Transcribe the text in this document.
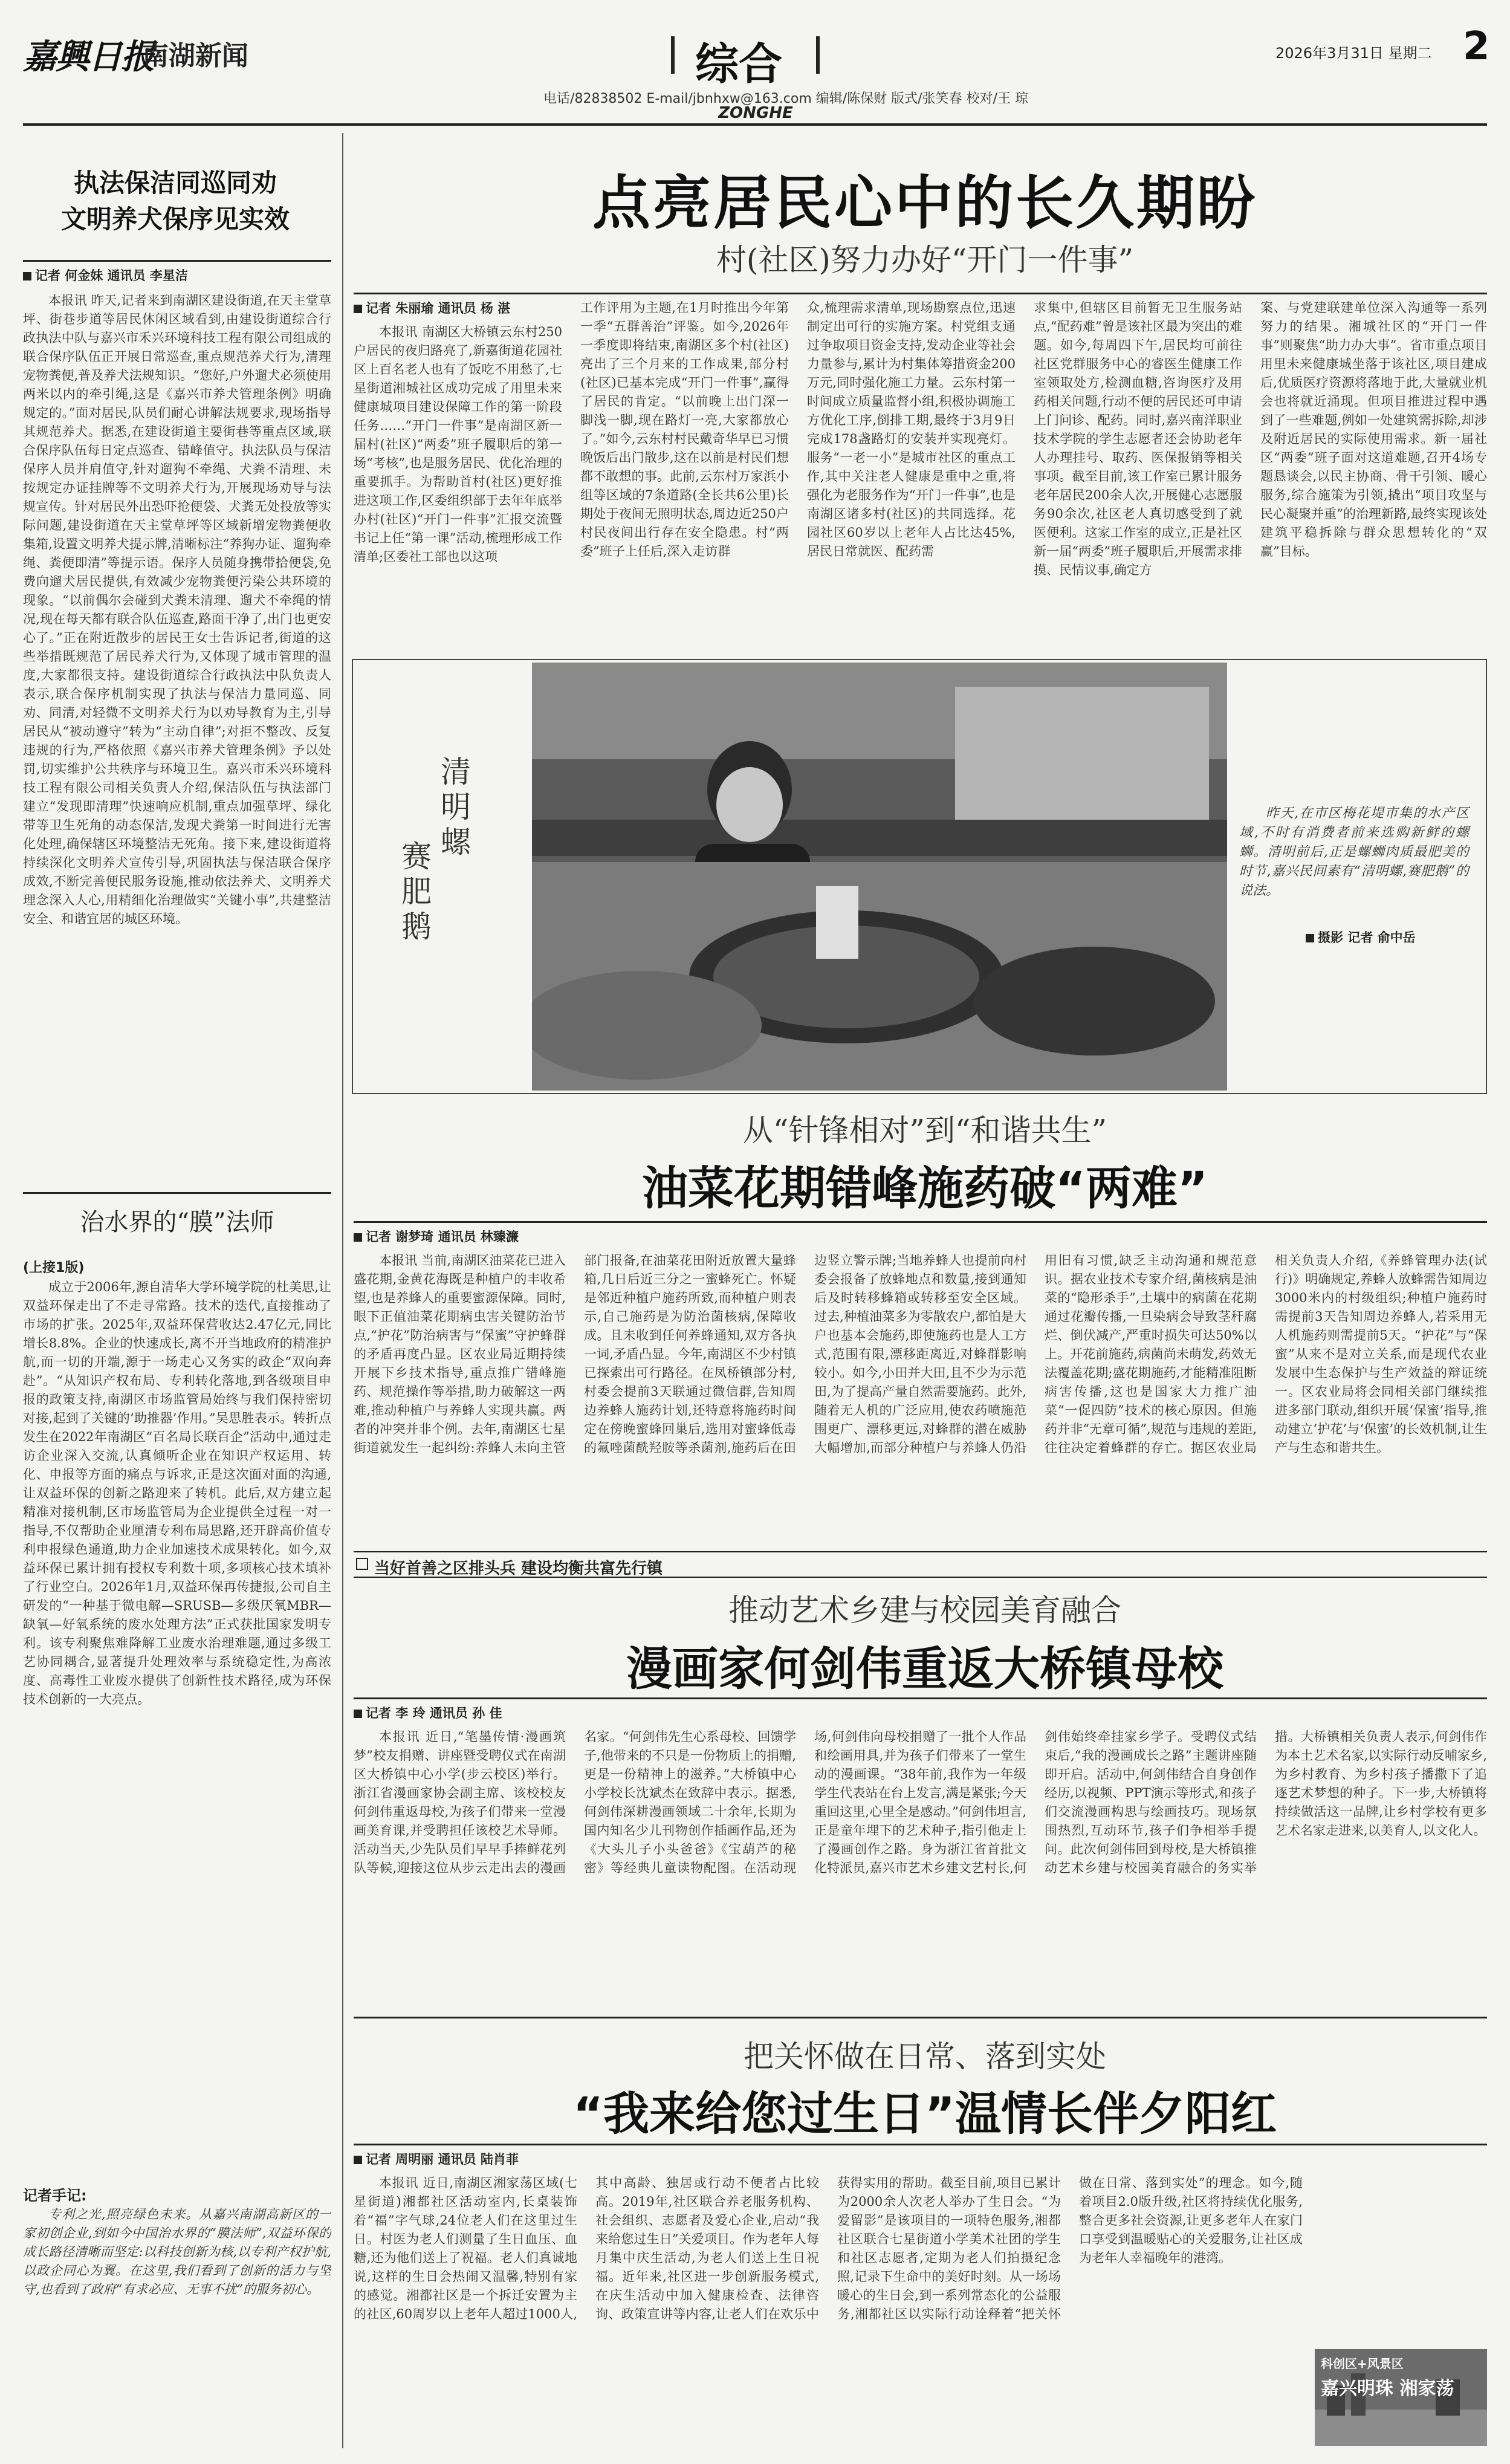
嘉興日报
南湖新闻	综合	2026年3月31日 星期二 2
电话/82838502 E-mail/jbnhxw@163.com 编辑/陈保财 版式/张笑春 校对/王 琼
ZONGHE
执法保洁同巡同劝
文明养犬保序见实效
记者 何金妹 通讯员 李星洁
本报讯 昨天,记者来到南湖区建设街道,在天主堂草坪、街巷步道等居民休闲区域看到,由建设街道综合行政执法中队与嘉兴市禾兴环境科技工程有限公司组成的联合保序队伍正开展日常巡查,重点规范养犬行为,清理宠物粪便,普及养犬法规知识。“您好,户外遛犬必须使用两米以内的牵引绳,这是《嘉兴市养犬管理条例》明确规定的。”面对居民,队员们耐心讲解法规要求,现场指导其规范养犬。据悉,在建设街道主要街巷等重点区域,联合保序队伍每日定点巡查、错峰值守。执法队员与保洁保序人员并肩值守,针对遛狗不牵绳、犬粪不清理、未按规定办证挂牌等不文明养犬行为,开展现场劝导与法规宣传。针对居民外出恐吓抢便袋、犬粪无处投放等实际问题,建设街道在天主堂草坪等区域新增宠物粪便收集箱,设置文明养犬提示牌,清晰标注“养狗办证、遛狗牵绳、粪便即清”等提示语。保序人员随身携带拾便袋,免费向遛犬居民提供,有效减少宠物粪便污染公共环境的现象。“以前偶尔会碰到犬粪未清理、遛犬不牵绳的情况,现在每天都有联合队伍巡查,路面干净了,出门也更安心了。”正在附近散步的居民王女士告诉记者,街道的这些举措既规范了居民养犬行为,又体现了城市管理的温度,大家都很支持。建设街道综合行政执法中队负责人表示,联合保序机制实现了执法与保洁力量同巡、同劝、同清,对轻微不文明养犬行为以劝导教育为主,引导居民从“被动遵守”转为“主动自律”;对拒不整改、反复违规的行为,严格依照《嘉兴市养犬管理条例》予以处罚,切实维护公共秩序与环境卫生。嘉兴市禾兴环境科技工程有限公司相关负责人介绍,保洁队伍与执法部门建立“发现即清理”快速响应机制,重点加强草坪、绿化带等卫生死角的动态保洁,发现犬粪第一时间进行无害化处理,确保辖区环境整洁无死角。接下来,建设街道将持续深化文明养犬宣传引导,巩固执法与保洁联合保序成效,不断完善便民服务设施,推动依法养犬、文明养犬理念深入人心,用精细化治理做实“关键小事”,共建整洁安全、和谐宜居的城区环境。
治水界的“膜”法师
(上接1版)
成立于2006年,源自清华大学环境学院的杜美思,让双益环保走出了不走寻常路。技术的迭代,直接推动了市场的扩张。2025年,双益环保营收达2.47亿元,同比增长8.8%。企业的快速成长,离不开当地政府的精准护航,而一切的开端,源于一场走心又务实的政企“双向奔赴”。“从知识产权布局、专利转化落地,到各级项目申报的政策支持,南湖区市场监管局始终与我们保持密切对接,起到了关键的‘助推器’作用。”吴思胜表示。转折点发生在2022年南湖区“百名局长联百企”活动中,通过走访企业深入交流,认真倾听企业在知识产权运用、转化、申报等方面的痛点与诉求,正是这次面对面的沟通,让双益环保的创新之路迎来了转机。此后,双方建立起精准对接机制,区市场监管局为企业提供全过程一对一指导,不仅帮助企业厘清专利布局思路,还开辟高价值专利申报绿色通道,助力企业加速技术成果转化。如今,双益环保已累计拥有授权专利数十项,多项核心技术填补了行业空白。2026年1月,双益环保再传捷报,公司自主研发的“一种基于微电解—SRUSB—多级厌氧MBR—缺氧—好氧系统的废水处理方法”正式获批国家发明专利。该专利聚焦难降解工业废水治理难题,通过多级工艺协同耦合,显著提升处理效率与系统稳定性,为高浓度、高毒性工业废水提供了创新性技术路径,成为环保技术创新的一大亮点。
记者手记:
专利之光,照亮绿色未来。从嘉兴南湖高新区的一家初创企业,到如今中国治水界的“膜法师”,双益环保的成长路径清晰而坚定:以科技创新为核,以专利产权护航,以政企同心为翼。在这里,我们看到了创新的活力与坚守,也看到了政府“有求必应、无事不扰”的服务初心。
点亮居民心中的长久期盼
村(社区)努力办好“开门一件事”
记者 朱丽瑜 通讯员 杨 湛
本报讯 南湖区大桥镇云东村250户居民的夜归路亮了,新嘉街道花园社区上百名老人也有了饭吃不用愁了,七星街道湘城社区成功完成了用里未来健康城项目建设保障工作的第一阶段任务……“开门一件事”是南湖区新一届村(社区)“两委”班子履职后的第一场“考核”,也是服务居民、优化治理的重要抓手。为帮助首村(社区)更好推进这项工作,区委组织部于去年年底举办村(社区)“开门一件事”汇报交流暨书记上任“第一课”活动,梳理形成工作清单;区委社工部也以这项
工作评用为主题,在1月时推出今年第一季“五群善治”评鉴。如今,2026年一季度即将结束,南湖区多个村(社区)亮出了三个月来的工作成果,部分村(社区)已基本完成“开门一件事”,赢得了居民的肯定。“以前晚上出门深一脚浅一脚,现在路灯一亮,大家都放心了。”如今,云东村村民戴奇华早已习惯晚饭后出门散步,这在以前是村民们想都不敢想的事。此前,云东村万家浜小组等区域的7条道路(全长共6公里)长期处于夜间无照明状态,周边近250户村民夜间出行存在安全隐患。村“两委”班子上任后,深入走访群
众,梳理需求清单,现场勘察点位,迅速制定出可行的实施方案。村党组支通过争取项目资金支持,发动企业等社会力量参与,累计为村集体筹措资金200万元,同时强化施工力量。云东村第一时间成立质量监督小组,积极协调施工方优化工序,倒排工期,最终于3月9日完成178盏路灯的安装并实现亮灯。服务“一老一小”是城市社区的重点工作,其中关注老人健康是重中之重,将强化为老服务作为“开门一件事”,也是南湖区诸多村(社区)的共同选择。花园社区60岁以上老年人占比达45%,居民日常就医、配药需
求集中,但辖区目前暂无卫生服务站点,“配药难”曾是该社区最为突出的难题。如今,每周四下午,居民均可前往社区党群服务中心的睿医生健康工作室领取处方,检测血糖,咨询医疗及用药相关问题,行动不便的居民还可申请上门问诊、配药。同时,嘉兴南洋职业技术学院的学生志愿者还会协助老年人办理挂号、取药、医保报销等相关事项。截至目前,该工作室已累计服务老年居民200余人次,开展健心志愿服务90余次,社区老人真切感受到了就医便利。这家工作室的成立,正是社区新一届“两委”班子履职后,开展需求排摸、民情议事,确定方
案、与党建联建单位深入沟通等一系列努力的结果。湘城社区的“开门一件事”则聚焦“助力办大事”。省市重点项目用里未来健康城坐落于该社区,项目建成后,优质医疗资源将落地于此,大量就业机会也将就近涌现。但项目推进过程中遇到了一些难题,例如一处建筑需拆除,却涉及附近居民的实际使用需求。新一届社区“两委”班子面对这道难题,召开4场专题恳谈会,以民主协商、骨干引领、暖心服务,综合施策为引领,撬出“项目攻坚与民心凝聚并重”的治理新路,最终实现该处建筑平稳拆除与群众思想转化的“双赢”目标。
清明螺
赛肥鹅
昨天,在市区梅花堤市集的水产区域,不时有消费者前来选购新鲜的螺蛳。清明前后,正是螺蛳肉质最肥美的时节,嘉兴民间素有“清明螺,赛肥鹅”的说法。
摄影 记者 俞中岳
从“针锋相对”到“和谐共生”
油菜花期错峰施药破“两难”
记者 谢梦琦 通讯员 林臻濂
本报讯 当前,南湖区油菜花已进入盛花期,金黄花海既是种植户的丰收希望,也是养蜂人的重要蜜源保障。同时,眼下正值油菜花期病虫害关键防治节点,“护花”防治病害与“保蜜”守护蜂群的矛盾再度凸显。区农业局近期持续开展下乡技术指导,重点推广错峰施药、规范操作等举措,助力破解这一两难,推动种植户与养蜂人实现共赢。两者的冲突并非个例。去年,南湖区七星街道就发生一起纠纷:养蜂人未向主管部门报备,在油菜花田附近放置大量蜂箱,几日后近三分之一蜜蜂死亡。怀疑是邻近种植户施药所致,而种植户则表示,自己施药是为防治菌核病,保障收成。且未收到任何养蜂通知,双方各执一词,矛盾凸显。今年,南湖区不少村镇已探索出可行路径。在凤桥镇部分村,村委会提前3天联通过微信群,告知周边养蜂人施药计划,还特意将施药时间定在傍晚蜜蜂回巢后,选用对蜜蜂低毒的氟唑菌酰羟胺等杀菌剂,施药后在田边竖立警示牌;当地养蜂人也提前向村委会报备了放蜂地点和数量,接到通知后及时转移蜂箱或转移至安全区域。过去,种植油菜多为零散农户,都怕是大户也基本会施药,即使施药也是人工方式,范围有限,漂移距离近,对蜂群影响较小。如今,小田并大田,且不少为示范田,为了提高产量自然需要施药。此外,随着无人机的广泛应用,使农药喷施范围更广、漂移更远,对蜂群的潜在威胁大幅增加,而部分种植户与养蜂人仍沿用旧有习惯,缺乏主动沟通和规范意识。据农业技术专家介绍,菌核病是油菜的“隐形杀手”,土壤中的病菌在花期通过花瓣传播,一旦染病会导致茎秆腐烂、倒伏减产,严重时损失可达50%以上。开花前施药,病菌尚未萌发,药效无法覆盖花期;盛花期施药,才能精准阻断病害传播,这也是国家大力推广油菜“一促四防”技术的核心原因。但施药并非“无章可循”,规范与违规的差距,往往决定着蜂群的存亡。据区农业局相关负责人介绍,《养蜂管理办法(试行)》明确规定,养蜂人放蜂需告知周边3000米内的村级组织;种植户施药时需提前3天告知周边养蜂人,若采用无人机施药则需提前5天。“护花”与“保蜜”从来不是对立关系,而是现代农业发展中生态保护与生产效益的辩证统一。区农业局将会同相关部门继续推进多部门联动,组织开展‘保蜜’指导,推动建立‘护花’与‘保蜜’的长效机制,让生产与生态和谐共生。
当好首善之区排头兵 建设均衡共富先行镇
推动艺术乡建与校园美育融合
漫画家何剑伟重返大桥镇母校
记者 李 玲 通讯员 孙 佳
本报讯 近日,“笔墨传情·漫画筑梦”校友捐赠、讲座暨受聘仪式在南湖区大桥镇中心小学(步云校区)举行。浙江省漫画家协会副主席、该校校友何剑伟重返母校,为孩子们带来一堂漫画美育课,并受聘担任该校艺术导师。活动当天,少先队员们早早手捧鲜花列队等候,迎接这位从步云走出去的漫画名家。“何剑伟先生心系母校、回馈学子,他带来的不只是一份物质上的捐赠,更是一份精神上的滋养。”大桥镇中心小学校长沈斌杰在致辞中表示。据悉,何剑伟深耕漫画领域二十余年,长期为国内知名少儿刊物创作插画作品,还为《大头儿子小头爸爸》《宝葫芦的秘密》等经典儿童读物配图。在活动现场,何剑伟向母校捐赠了一批个人作品和绘画用具,并为孩子们带来了一堂生动的漫画课。“38年前,我作为一年级学生代表站在台上发言,满是紧张;今天重回这里,心里全是感动。”何剑伟坦言,正是童年埋下的艺术种子,指引他走上了漫画创作之路。身为浙江省首批文化特派员,嘉兴市艺术乡建文艺村长,何剑伟始终牵挂家乡学子。受聘仪式结束后,“我的漫画成长之路”主题讲座随即开启。活动中,何剑伟结合自身创作经历,以视频、PPT演示等形式,和孩子们交流漫画构思与绘画技巧。现场氛围热烈,互动环节,孩子们争相举手提问。此次何剑伟回到母校,是大桥镇推动艺术乡建与校园美育融合的务实举措。大桥镇相关负责人表示,何剑伟作为本土艺术名家,以实际行动反哺家乡,为乡村教育、为乡村孩子播撒下了追逐艺术梦想的种子。下一步,大桥镇将持续做活这一品牌,让乡村学校有更多艺术名家走进来,以美育人,以文化人。
把关怀做在日常、落到实处
“我来给您过生日”温情长伴夕阳红
记者 周明丽 通讯员 陆肖菲
本报讯 近日,南湖区湘家荡区域(七星街道)湘都社区活动室内,长桌装饰着“福”字气球,24位老人们在这里过生日。村医为老人们测量了生日血压、血糖,还为他们送上了祝福。老人们真诚地说,这样的生日会热闹又温馨,特别有家的感觉。湘都社区是一个拆迁安置为主的社区,60周岁以上老年人超过1000人,其中高龄、独居或行动不便者占比较高。2019年,社区联合养老服务机构、社会组织、志愿者及爱心企业,启动“我来给您过生日”关爱项目。作为老年人每月集中庆生活动,为老人们送上生日祝福。近年来,社区进一步创新服务模式,在庆生活动中加入健康检查、法律咨询、政策宣讲等内容,让老人们在欢乐中获得实用的帮助。截至目前,项目已累计为2000余人次老人举办了生日会。“为爱留影”是该项目的一项特色服务,湘都社区联合七星街道小学美术社团的学生和社区志愿者,定期为老人们拍摄纪念照,记录下生命中的美好时刻。从一场场暖心的生日会,到一系列常态化的公益服务,湘都社区以实际行动诠释着“把关怀做在日常、落到实处”的理念。如今,随着项目2.0版升级,社区将持续优化服务,整合更多社会资源,让更多老年人在家门口享受到温暖贴心的关爱服务,让社区成为老年人幸福晚年的港湾。
科创区+风景区
嘉兴明珠 湘家荡
